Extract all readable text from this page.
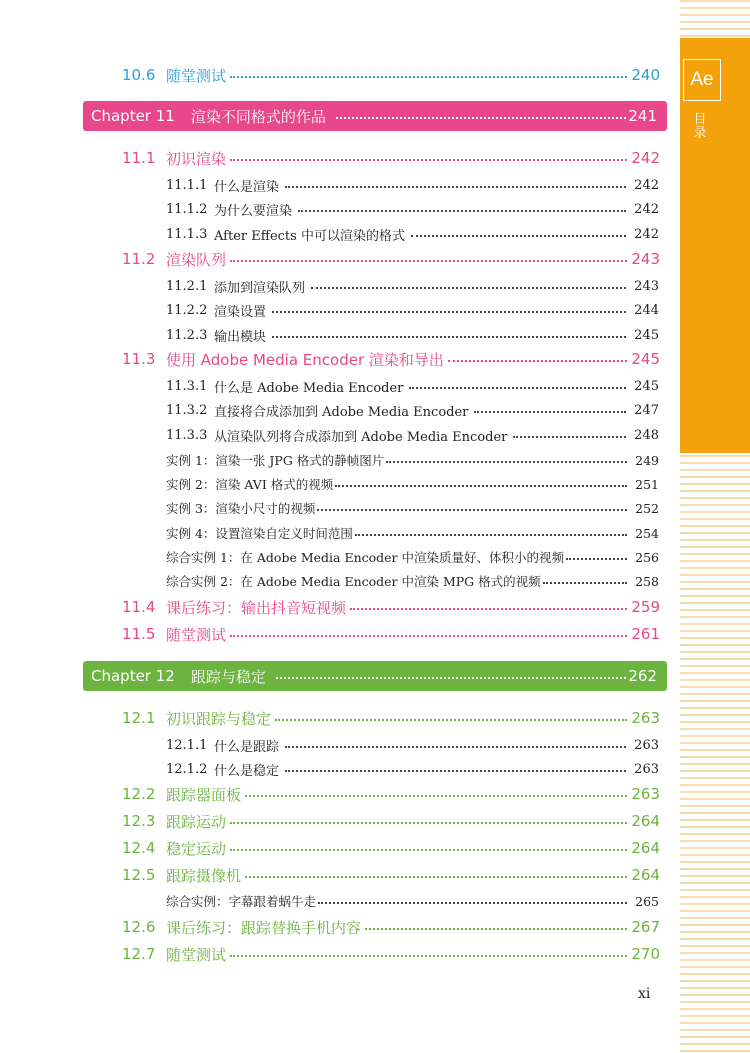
Ae
目录
10.6 随堂测试	240
Chapter 11 渲染不同格式的作品	241
11.1 初识渲染	242
11.1.1 什么是渲染	242
11.1.2 为什么要渲染	242
11.1.3 After Effects 中可以渲染的格式	242
11.2 渲染队列	243
11.2.1 添加到渲染队列	243
11.2.2 渲染设置	244
11.2.3 输出模块	245
11.3 使用 Adobe Media Encoder 渲染和导出	245
11.3.1 什么是 Adobe Media Encoder	245
11.3.2 直接将合成添加到 Adobe Media Encoder	247
11.3.3 从渲染队列将合成添加到 Adobe Media Encoder	248
实例 1：渲染一张 JPG 格式的静帧图片	249
实例 2：渲染 AVI 格式的视频	251
实例 3：渲染小尺寸的视频	252
实例 4：设置渲染自定义时间范围	254
综合实例 1：在 Adobe Media Encoder 中渲染质量好、体积小的视频	256
综合实例 2：在 Adobe Media Encoder 中渲染 MPG 格式的视频	258
11.4 课后练习：输出抖音短视频	259
11.5 随堂测试	261
Chapter 12 跟踪与稳定	262
12.1 初识跟踪与稳定	263
12.1.1 什么是跟踪	263
12.1.2 什么是稳定	263
12.2 跟踪器面板	263
12.3 跟踪运动	264
12.4 稳定运动	264
12.5 跟踪摄像机	264
综合实例：字幕跟着蜗牛走	265
12.6 课后练习：跟踪替换手机内容	267
12.7 随堂测试	270
xi
